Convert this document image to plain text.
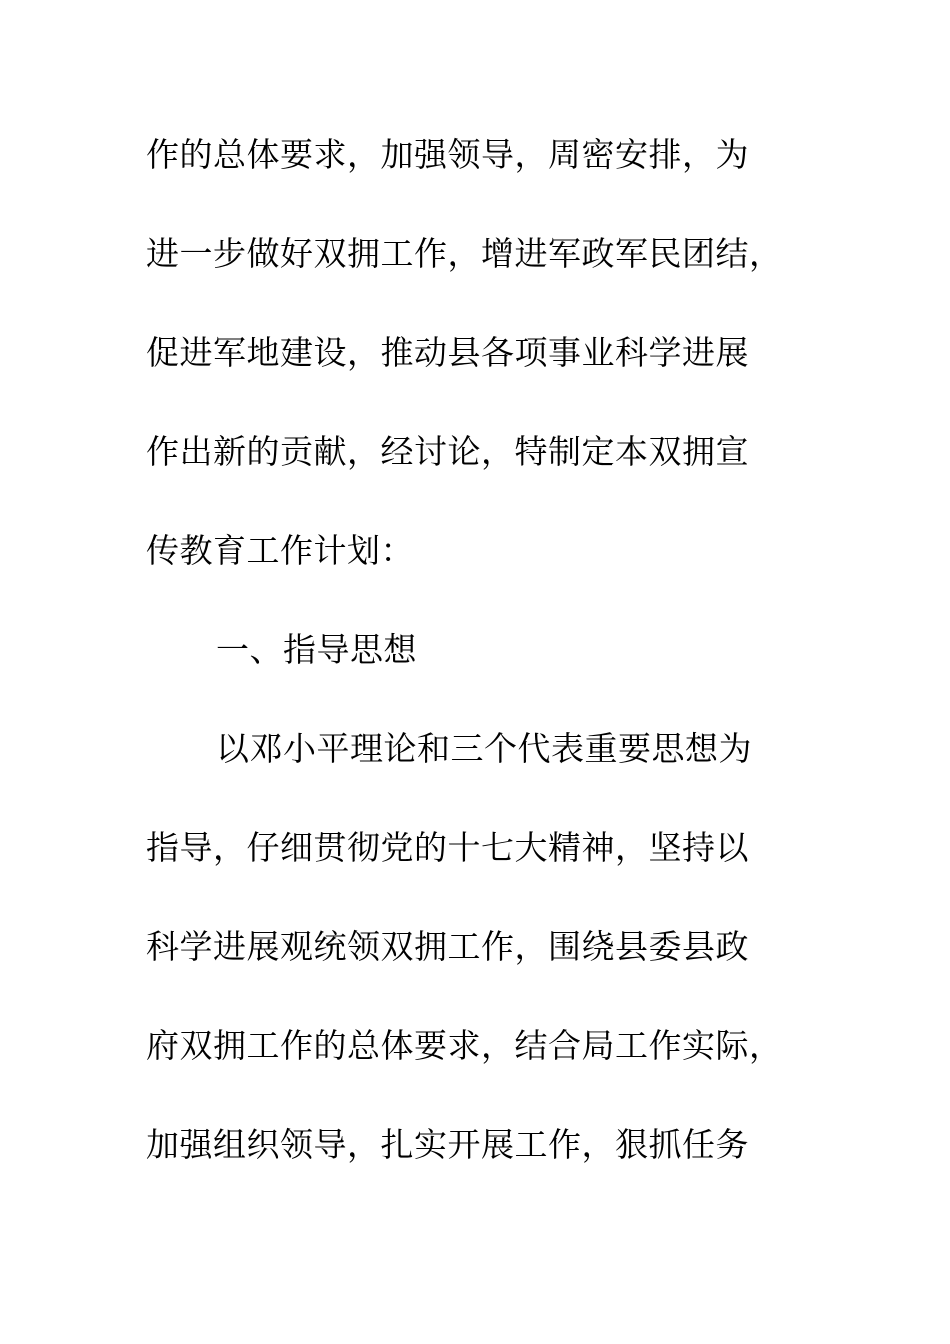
作的总体要求，加强领导，周密安排，为
进一步做好双拥工作，增进军政军民团结，
促进军地建设，推动县各项事业科学进展
作出新的贡献，经讨论，特制定本双拥宣
传教育工作计划：
一、指导思想
以邓小平理论和三个代表重要思想为
指导，仔细贯彻党的十七大精神，坚持以
科学进展观统领双拥工作，围绕县委县政
府双拥工作的总体要求，结合局工作实际，
加强组织领导，扎实开展工作，狠抓任务
